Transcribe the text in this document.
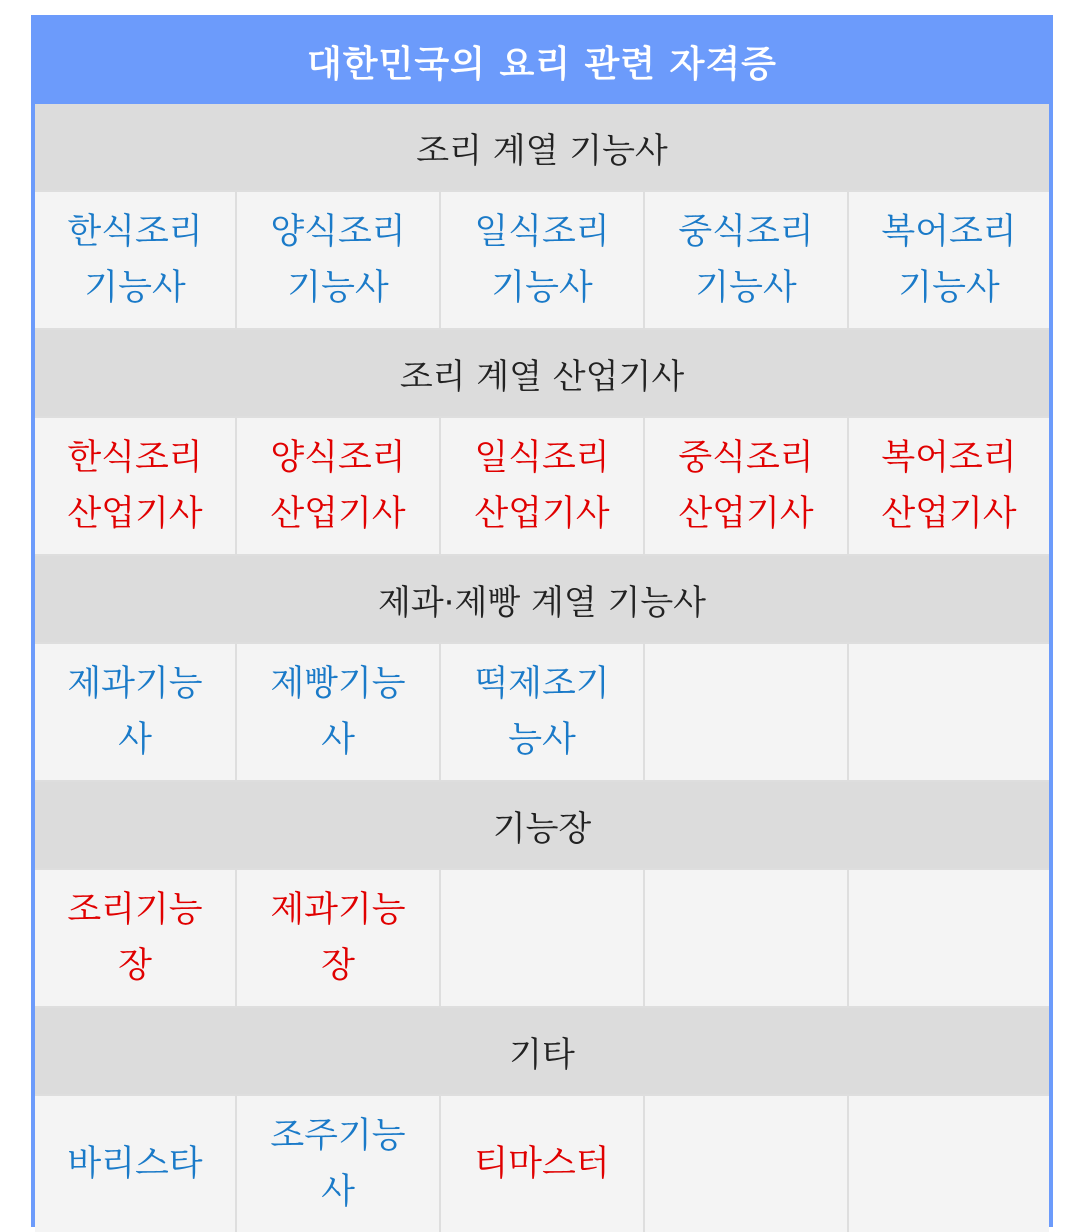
대한민국의 요리 관련 자격증
조리 계열 기능사
한식조리기능사
양식조리기능사
일식조리기능사
중식조리기능사
복어조리기능사
조리 계열 산업기사
한식조리산업기사
양식조리산업기사
일식조리산업기사
중식조리산업기사
복어조리산업기사
제과·제빵 계열 기능사
제과기능사
제빵기능사
떡제조기능사
기능장
조리기능장
제과기능장
기타
바리스타
조주기능사
티마스터
